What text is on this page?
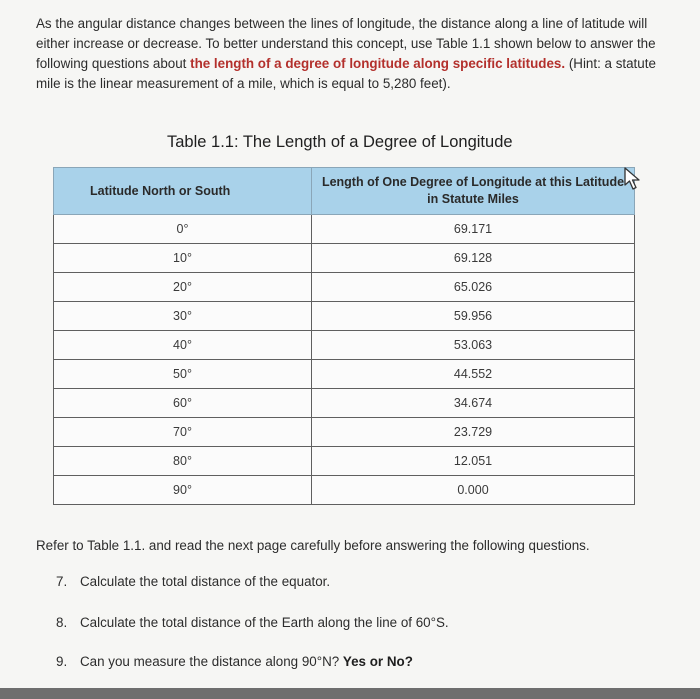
As the angular distance changes between the lines of longitude, the distance along a line of latitude will either increase or decrease. To better understand this concept, use Table 1.1 shown below to answer the following questions about the length of a degree of longitude along specific latitudes. (Hint: a statute mile is the linear measurement of a mile, which is equal to 5,280 feet).
Table 1.1: The Length of a Degree of Longitude
Latitude North or South	Length of One Degree of Longitude at this Latitude in Statute Miles
0°	69.171
10°	69.128
20°	65.026
30°	59.956
40°	53.063
50°	44.552
60°	34.674
70°	23.729
80°	12.051
90°	0.000
Refer to Table 1.1. and read the next page carefully before answering the following questions.
7. Calculate the total distance of the equator.
8. Calculate the total distance of the Earth along the line of 60°S.
9. Can you measure the distance along 90°N? Yes or No?
